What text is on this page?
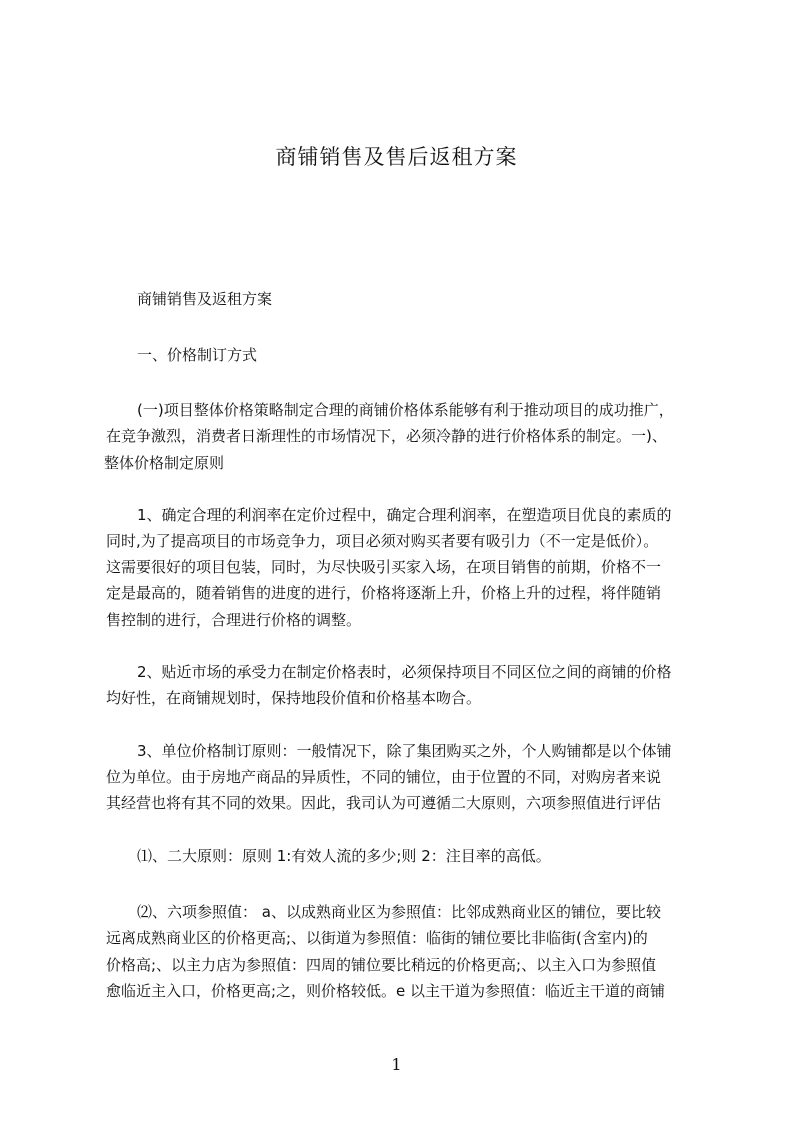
商铺销售及售后返租方案
商铺销售及返租方案
一、价格制订方式
(一)项目整体价格策略制定合理的商铺价格体系能够有利于推动项目的成功推广，
在竞争激烈，消费者日渐理性的市场情况下，必须冷静的进行价格体系的制定。一)、
整体价格制定原则
1、确定合理的利润率在定价过程中，确定合理利润率，在塑造项目优良的素质的
同时,为了提高项目的市场竞争力，项目必须对购买者要有吸引力（不一定是低价）。
这需要很好的项目包装，同时，为尽快吸引买家入场，在项目销售的前期，价格不一
定是最高的，随着销售的进度的进行，价格将逐渐上升，价格上升的过程，将伴随销
售控制的进行，合理进行价格的调整。
2、贴近市场的承受力在制定价格表时，必须保持项目不同区位之间的商铺的价格
均好性，在商铺规划时，保持地段价值和价格基本吻合。
3、单位价格制订原则：一般情况下，除了集团购买之外，个人购铺都是以个体铺
位为单位。由于房地产商品的异质性，不同的铺位，由于位置的不同，对购房者来说
其经营也将有其不同的效果。因此，我司认为可遵循二大原则，六项参照值进行评估
⑴、二大原则：原则 1:有效人流的多少;则 2：注目率的高低。
⑵、六项参照值： a、以成熟商业区为参照值：比邻成熟商业区的铺位，要比较
远离成熟商业区的价格更高;、以街道为参照值：临街的铺位要比非临街(含室内)的
价格高;、以主力店为参照值：四周的铺位要比稍远的价格更高;、以主入口为参照值
愈临近主入口，价格更高;之，则价格较低。e 以主干道为参照值：临近主干道的商铺
1
